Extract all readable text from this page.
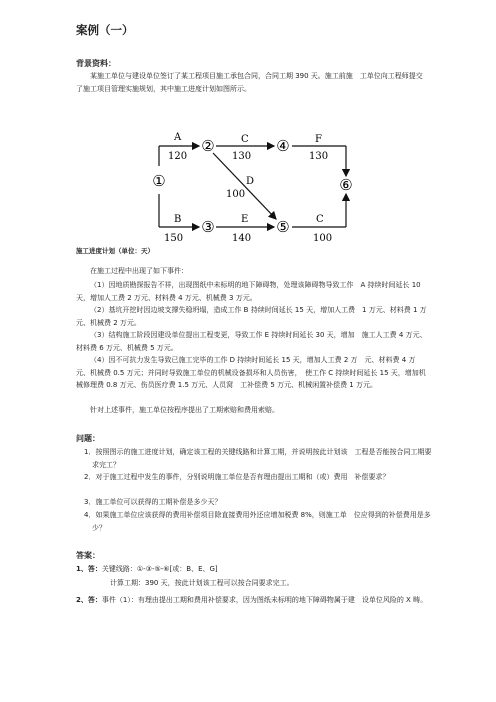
案例（一）
背景资料：
某施工单位与建设单位签订了某工程项目施工承包合同，合同工期 390 天。施工前施　工单位向工程师提交了施工项目管理实施规划，其中施工进度计划如图所示。
①
②
③
④
⑤
⑥
A
120
C
130
F
130
D
100
B
150
E
140
C
100
施工进度计划（单位：天）
在施工过程中出现了如下事件：
（1）因地质勘探报告不祥，出现图纸中未标明的地下障碍物，处理该障碍物导致工作　A 持续时间延长 10 天，增加人工费 2 万元、材料费 4 万元、机械费 3 万元。
（2）基坑开挖时因边坡支撑失稳坍塌，造成工作 B 持续时间延长 15 天，增加人工费　1 万元、材料费 1 万元、机械费 2 万元。
（3）结构施工阶段因建设单位提出工程变更，导致工作 E 持续时间延长 30 天，增加　施工人工费 4 万元、材料费 6 万元、机械费 5 万元。
（4）因不可抗力发生导致已施工完毕的工作 D 持续时间延长 15 天，增加人工费 2 万　元、材料费 4 万元、机械费 0.5 万元；并同时导致施工单位的机械设备损坏和人员伤害，　使工作 C 持续时间延长 15 天，增加机械修理费 0.8 万元、伤员医疗费 1.5 万元、人员窝　工补偿费 5 万元、机械闲置补偿费 1 万元。
针对上述事件，施工单位按程序提出了工期索赔和费用索赔。
问题：
1．按照图示的施工进度计划，确定该工程的关键线路和计算工期，并说明按此计划该　工程是否能按合同工期要求完工？
2．对于施工过程中发生的事件，分别说明施工单位是否有理由提出工期和（或）费用　补偿要求？
3．施工单位可以获得的工期补偿是多少天？
4．如果施工单位应该获得的费用补偿项目除直接费用外还应增加税费 8%，则施工单　位应得到的补偿费用是多少？
答案：
1、答：关键线路：①-③-⑤-⑥[或：B、E、G]
计算工期：390 天，按此计划该工程可以按合同要求完工。
2、答：事件（1）：有理由提出工期和费用补偿要求，因为图纸未标明的地下障碍物属于建　设单位风险的 X 畴。
